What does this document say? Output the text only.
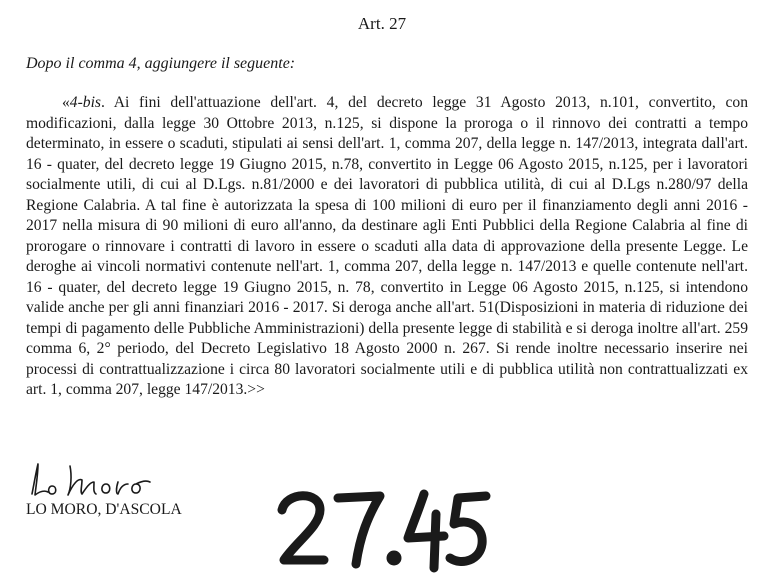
Art. 27
Dopo il comma 4, aggiungere il seguente:

«4-bis. Ai fini dell'attuazione dell'art. 4, del decreto legge 31 Agosto 2013, n.101, convertito, con modificazioni, dalla legge 30 Ottobre 2013, n.125, si dispone la proroga o il rinnovo dei contratti a tempo determinato, in essere o scaduti, stipulati ai sensi dell'art. 1, comma 207, della legge n. 147/2013, integrata dall'art. 16 - quater, del decreto legge 19 Giugno 2015, n.78, convertito in Legge 06 Agosto 2015, n.125, per i lavoratori socialmente utili, di cui al D.Lgs. n.81/2000 e dei lavoratori di pubblica utilità, di cui al D.Lgs n.280/97 della Regione Calabria. A tal fine è autorizzata la spesa di 100 milioni di euro per il finanziamento degli anni 2016 - 2017 nella misura di 90 milioni di euro all'anno, da destinare agli Enti Pubblici della Regione Calabria al fine di prorogare o rinnovare i contratti di lavoro in essere o scaduti alla data di approvazione della presente Legge. Le deroghe ai vincoli normativi contenute nell'art. 1, comma 207, della legge n. 147/2013 e quelle contenute nell'art. 16 - quater, del decreto legge 19 Giugno 2015, n. 78, convertito in Legge 06 Agosto 2015, n.125, si intendono valide anche per gli anni finanziari 2016 - 2017. Si deroga anche all'art. 51(Disposizioni in materia di riduzione dei tempi di pagamento delle Pubbliche Amministrazioni) della presente legge di stabilità e si deroga inoltre all'art. 259 comma 6, 2° periodo, del Decreto Legislativo 18 Agosto 2000 n. 267. Si rende inoltre necessario inserire nei processi di contrattualizzazione i circa 80 lavoratori socialmente utili e di pubblica utilità non contrattualizzati ex art. 1, comma 207, legge 147/2013.>>

LO MORO, D'ASCOLA
